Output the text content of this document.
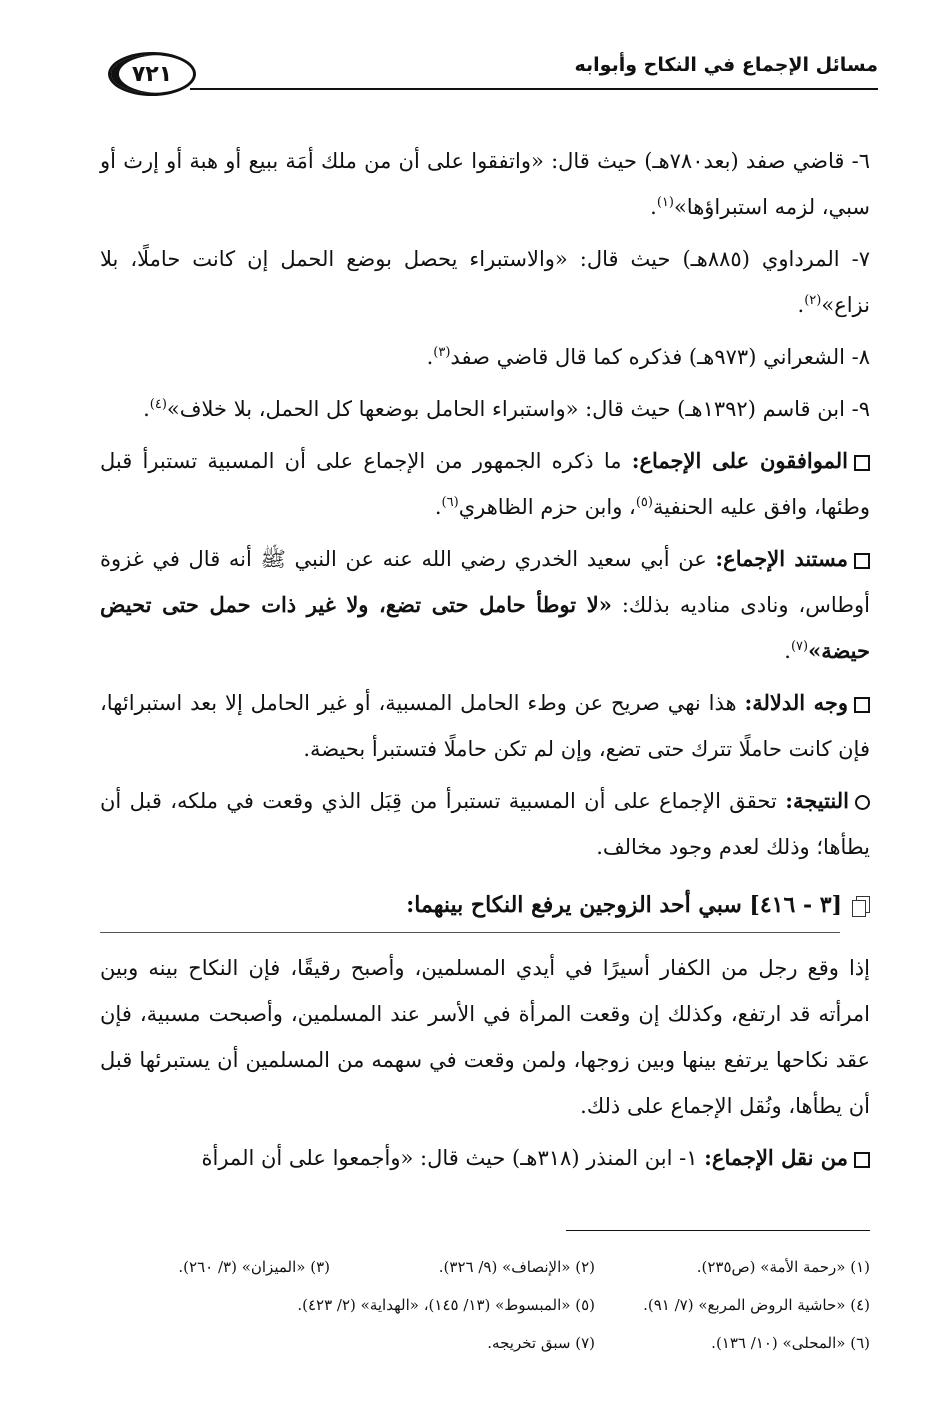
مسائل الإجماع في النكاح وأبوابه
٧٢١

٦- قاضي صفد (بعد٧٨٠هـ) حيث قال: «واتفقوا على أن من ملك أمَة ببيع أو هبة أو إرث أو سبي، لزمه استبراؤها»$^{(١)}$.

٧- المرداوي (٨٨٥هـ) حيث قال: «والاستبراء يحصل بوضع الحمل إن كانت حاملًا، بلا نزاع»$^{(٢)}$.

٨- الشعراني (٩٧٣هـ) فذكره كما قال قاضي صفد$^{(٣)}$.

٩- ابن قاسم (١٣٩٢هـ) حيث قال: «واستبراء الحامل بوضعها كل الحمل، بلا خلاف»$^{(٤)}$.

الموافقون على الإجماع: ما ذكره الجمهور من الإجماع على أن المسبية تستبرأ قبل وطئها، وافق عليه الحنفية$^{(٥)}$، وابن حزم الظاهري$^{(٦)}$.

مستند الإجماع: عن أبي سعيد الخدري رضي الله عنه عن النبي ﷺ أنه قال في غزوة أوطاس، ونادى مناديه بذلك: «لا توطأ حامل حتى تضع، ولا غير ذات حمل حتى تحيض حيضة»$^{(٧)}$.

وجه الدلالة: هذا نهي صريح عن وطء الحامل المسبية، أو غير الحامل إلا بعد استبرائها، فإن كانت حاملًا تترك حتى تضع، وإن لم تكن حاملًا فتستبرأ بحيضة.

النتيجة: تحقق الإجماع على أن المسبية تستبرأ من قِبَل الذي وقعت في ملكه، قبل أن يطأها؛ وذلك لعدم وجود مخالف.

[٣ - ٤١٦] سبي أحد الزوجين يرفع النكاح بينهما:

إذا وقع رجل من الكفار أسيرًا في أيدي المسلمين، وأصبح رقيقًا، فإن النكاح بينه وبين امرأته قد ارتفع، وكذلك إن وقعت المرأة في الأسر عند المسلمين، وأصبحت مسبية، فإن عقد نكاحها يرتفع بينها وبين زوجها، ولمن وقعت في سهمه من المسلمين أن يستبرئها قبل أن يطأها، ونُقل الإجماع على ذلك.

من نقل الإجماع: ١- ابن المنذر (٣١٨هـ) حيث قال: «وأجمعوا على أن المرأة

(١) «رحمة الأمة» (ص٢٣٥).
(٢) «الإنصاف» (٩/ ٣٢٦).
(٣) «الميزان» (٣/ ٢٦٠).
(٤) «حاشية الروض المربع» (٧/ ٩١).
(٥) «المبسوط» (١٣/ ١٤٥)، «الهداية» (٢/ ٤٢٣).
(٦) «المحلى» (١٠/ ١٣٦).
(٧) سبق تخريجه.
